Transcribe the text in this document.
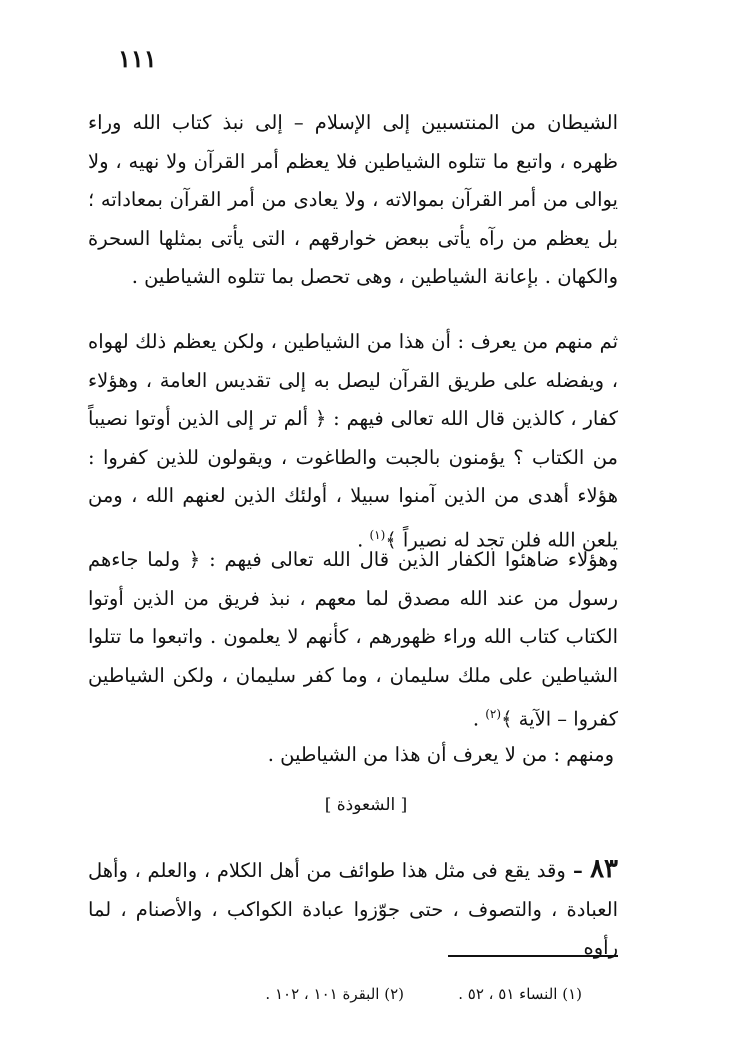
١١١

الشيطان من المنتسبين إلى الإسلام – إلى نبذ كتاب الله وراء ظهره ، واتبع ما تتلوه الشياطين فلا يعظم أمر القرآن ولا نهيه ، ولا يوالى من أمر القرآن بموالاته ، ولا يعادى من أمر القرآن بمعاداته ؛ بل يعظم من رآه يأتى ببعض خوارقهم ، التى يأتى بمثلها السحرة والكهان . بإعانة الشياطين ، وهى تحصل بما تتلوه الشياطين .

ثم منهم من يعرف : أن هذا من الشياطين ، ولكن يعظم ذلك لهواه ، ويفضله على طريق القرآن ليصل به إلى تقديس العامة ، وهؤلاء كفار ، كالذين قال الله تعالى فيهم : ﴿ ألم تر إلى الذين أوتوا نصيباً من الكتاب ؟ يؤمنون بالجبت والطاغوت ، ويقولون للذين كفروا : هؤلاء أهدى من الذين آمنوا سبيلا ، أولئك الذين لعنهم الله ، ومن يلعن الله فلن تجد له نصيراً ﴾$^{(١)}$ .

وهؤلاء ضاهئوا الكفار الذين قال الله تعالى فيهم : ﴿ ولما جاءهم رسول من عند الله مصدق لما معهم ، نبذ فريق من الذين أوتوا الكتاب كتاب الله وراء ظهورهم ، كأنهم لا يعلمون . واتبعوا ما تتلوا الشياطين على ملك سليمان ، وما كفر سليمان ، ولكن الشياطين كفروا – الآية ﴾$^{(٢)}$ .

ومنهم : من لا يعرف أن هذا من الشياطين .
[ الشعوذة ]

٨٣ – وقد يقع فى مثل هذا طوائف من أهل الكلام ، والعلم ، وأهل العبادة ، والتصوف ، حتى جوّزوا عبادة الكواكب ، والأصنام ، لما رأوه

(١) النساء ٥١ ، ٥٢ .
(٢) البقرة ١٠١ ، ١٠٢ .
